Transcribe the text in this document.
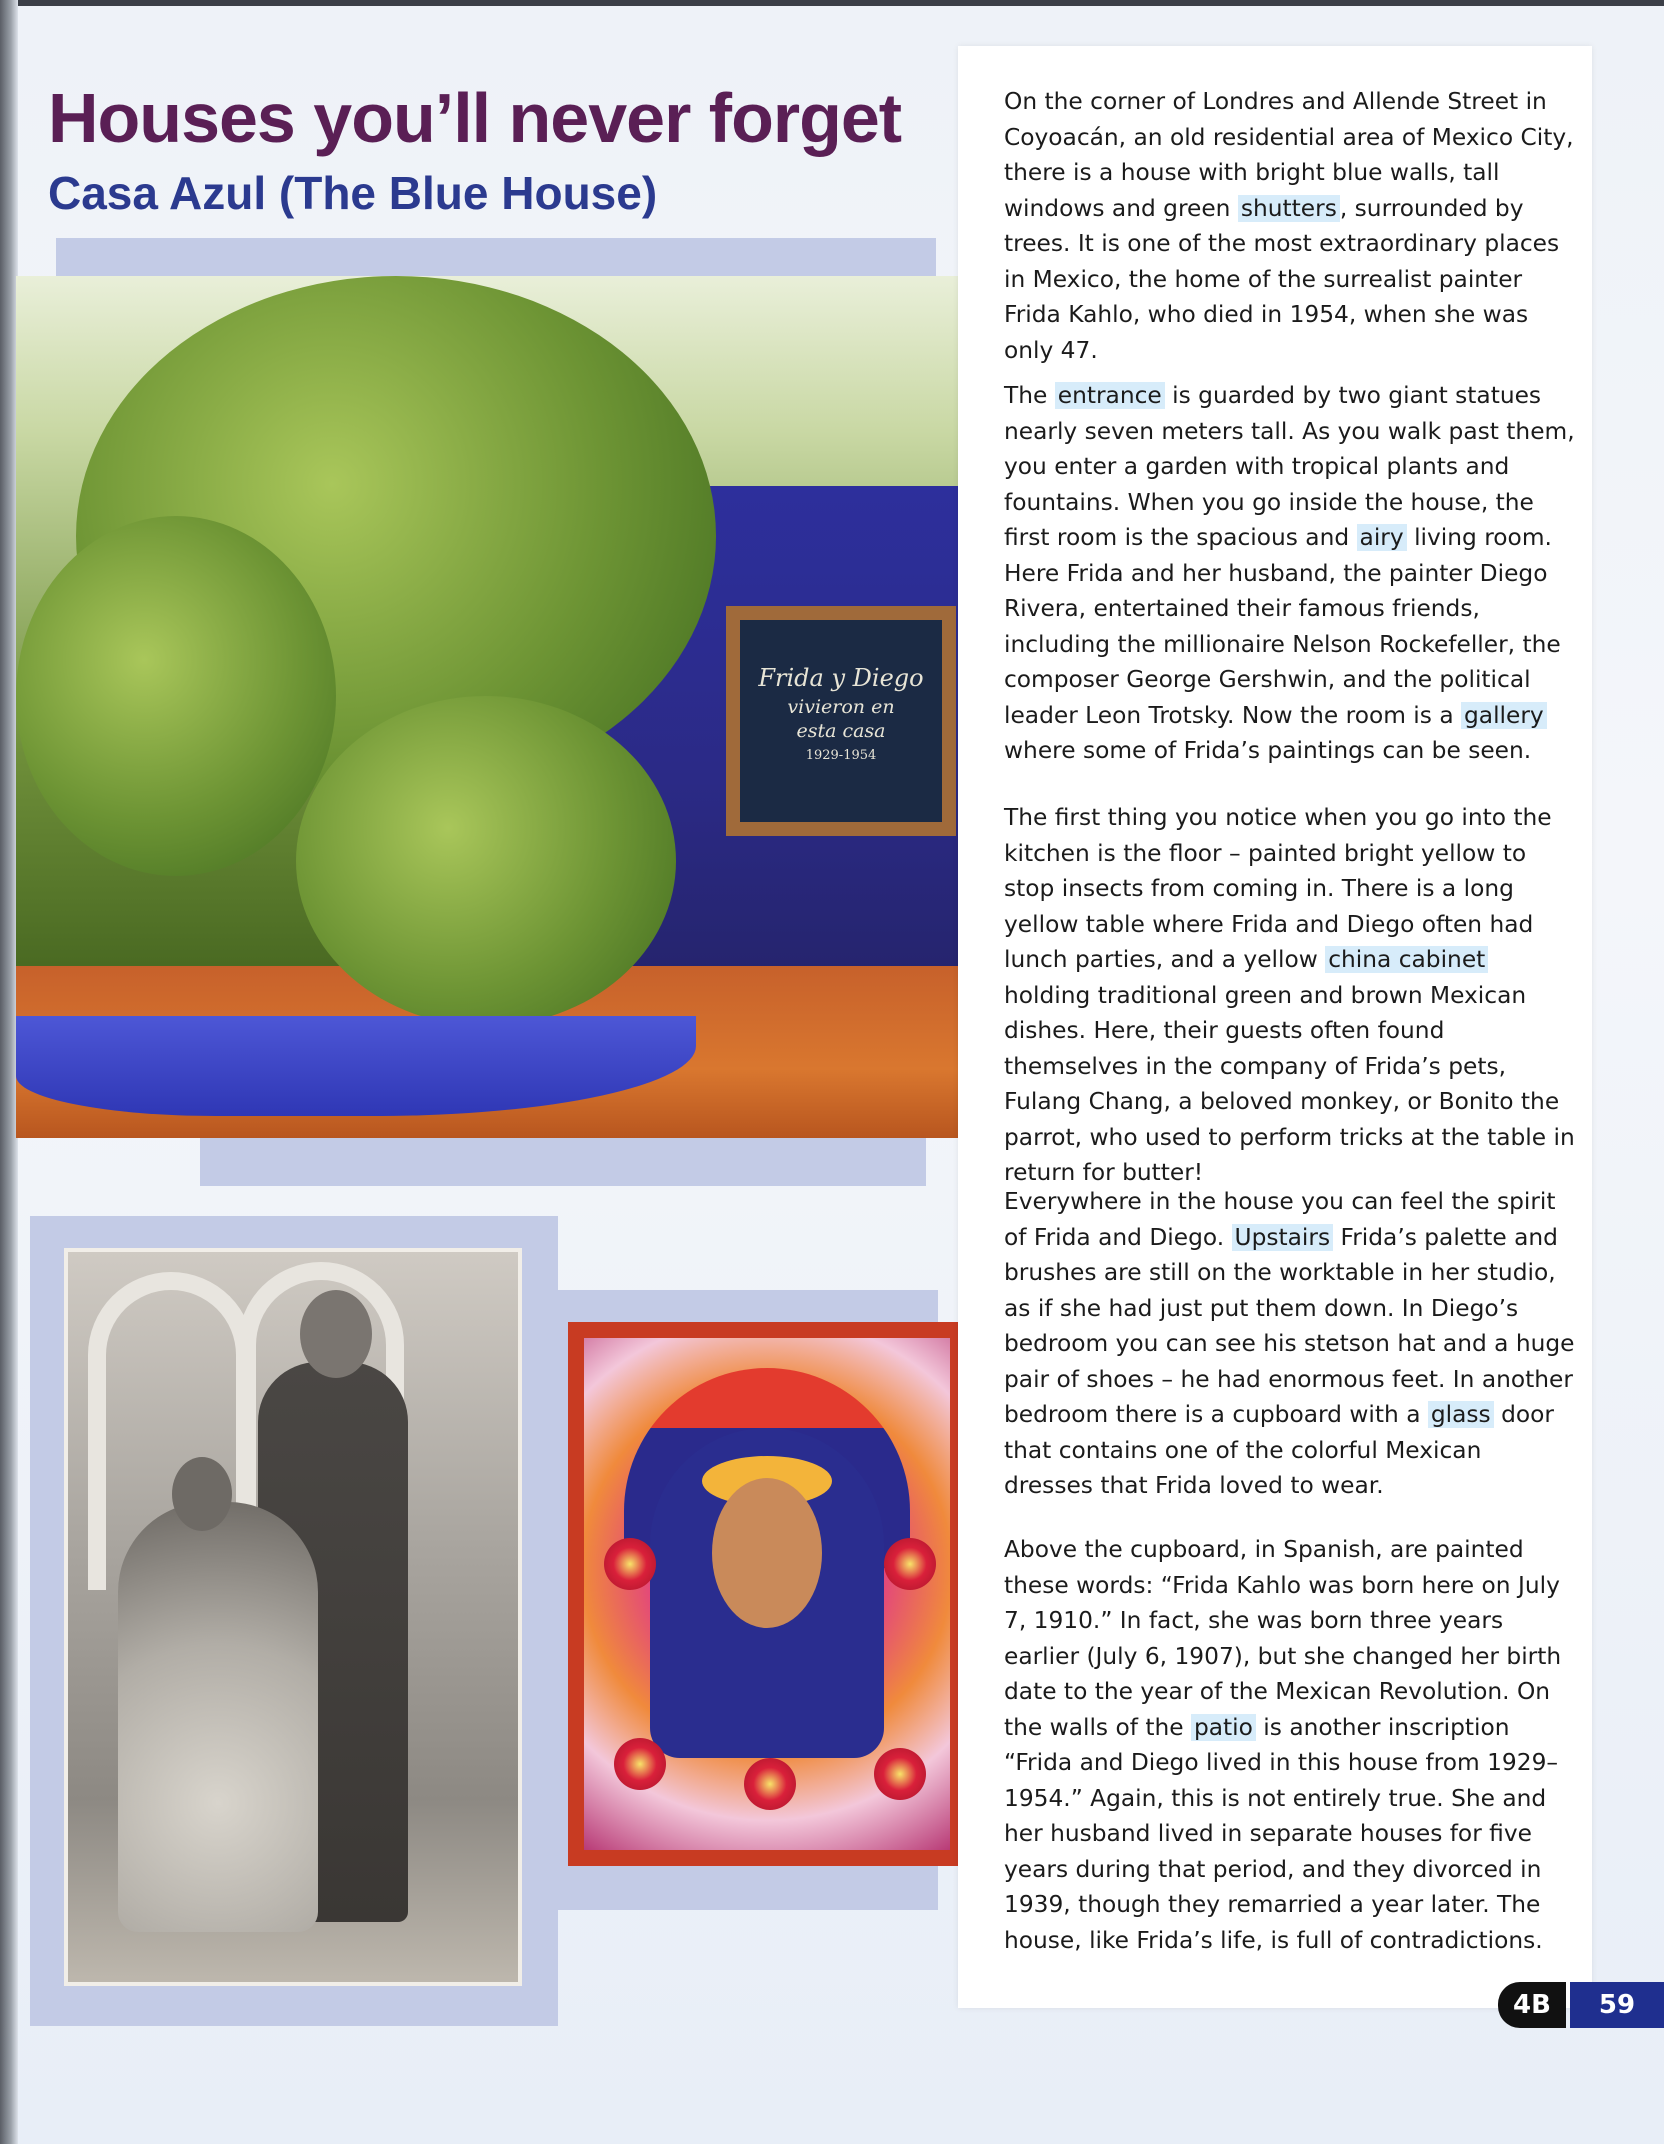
Houses you’ll never forget
Casa Azul (The Blue House)
Frida y Diego
vivieron en
esta casa
1929-1954

On the corner of Londres and Allende Street in Coyoacán, an old residential area of Mexico City, there is a house with bright blue walls, tall windows and green shutters , surrounded by trees. It is one of the most extraordinary places in Mexico, the home of the surrealist painter Frida Kahlo, who died in 1954, when she was only 47.

The entrance is guarded by two giant statues nearly seven meters tall. As you walk past them, you enter a garden with tropical plants and fountains. When you go inside the house, the first room is the spacious and airy living room. Here Frida and her husband, the painter Diego Rivera, entertained their famous friends, including the millionaire Nelson Rockefeller, the composer George Gershwin, and the political leader Leon Trotsky. Now the room is a gallery where some of Frida’s paintings can be seen.

The first thing you notice when you go into the kitchen is the floor – painted bright yellow to stop insects from coming in. There is a long yellow table where Frida and Diego often had lunch parties, and a yellow china cabinet holding traditional green and brown Mexican dishes. Here, their guests often found themselves in the company of Frida’s pets, Fulang Chang, a beloved monkey, or Bonito the parrot, who used to perform tricks at the table in return for butter!

Everywhere in the house you can feel the spirit of Frida and Diego. Upstairs Frida’s palette and brushes are still on the worktable in her studio, as if she had just put them down. In Diego’s bedroom you can see his stetson hat and a huge pair of shoes – he had enormous feet. In another bedroom there is a cupboard with a glass door that contains one of the colorful Mexican dresses that Frida loved to wear.

Above the cupboard, in Spanish, are painted these words: “Frida Kahlo was born here on July 7, 1910.” In fact, she was born three years earlier (July 6, 1907), but she changed her birth date to the year of the Mexican Revolution. On the walls of the patio is another inscription “Frida and Diego lived in this house from 1929–1954.” Again, this is not entirely true. She and her husband lived in separate houses for five years during that period, and they divorced in 1939, though they remarried a year later. The house, like Frida’s life, is full of contradictions.

4B	59
